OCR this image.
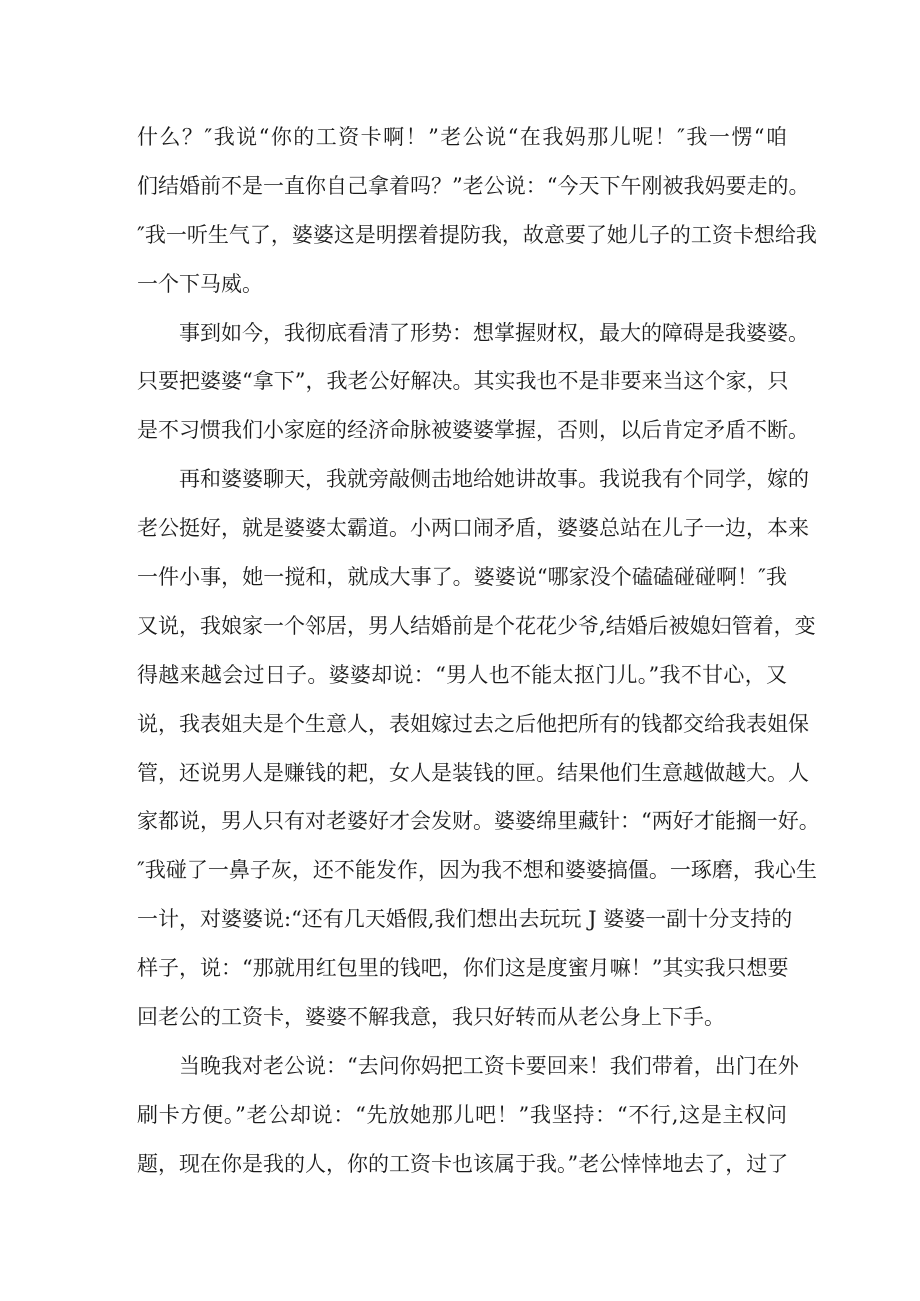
什么？″我说“你的工资卡啊！”老公说“在我妈那儿呢！″我一愣“咱
们结婚前不是一直你自己拿着吗？”老公说：“今天下午刚被我妈要走的。
″我一听生气了，婆婆这是明摆着提防我，故意要了她儿子的工资卡想给我
一个下马威。
事到如今，我彻底看清了形势：想掌握财权，最大的障碍是我婆婆。
只要把婆婆“拿下”，我老公好解决。其实我也不是非要来当这个家，只
是不习惯我们小家庭的经济命脉被婆婆掌握，否则，以后肯定矛盾不断。
再和婆婆聊天，我就旁敲侧击地给她讲故事。我说我有个同学，嫁的
老公挺好，就是婆婆太霸道。小两口闹矛盾，婆婆总站在儿子一边，本来
一件小事，她一搅和，就成大事了。婆婆说“哪家没个磕磕碰碰啊！″我
又说，我娘家一个邻居，男人结婚前是个花花少爷,结婚后被媳妇管着，变
得越来越会过日子。婆婆却说：“男人也不能太抠门儿。”我不甘心，又
说，我表姐夫是个生意人，表姐嫁过去之后他把所有的钱都交给我表姐保
管，还说男人是赚钱的耙，女人是装钱的匣。结果他们生意越做越大。人
家都说，男人只有对老婆好才会发财。婆婆绵里藏针：“两好才能搁一好。
″我碰了一鼻子灰，还不能发作，因为我不想和婆婆搞僵。一琢磨，我心生
一计，对婆婆说:“还有几天婚假,我们想出去玩玩 J 婆婆一副十分支持的
样子，说：“那就用红包里的钱吧，你们这是度蜜月嘛！”其实我只想要
回老公的工资卡，婆婆不解我意，我只好转而从老公身上下手。
当晚我对老公说：“去问你妈把工资卡要回来！我们带着，出门在外
刷卡方便。”老公却说：“先放她那儿吧！”我坚持：“不行,这是主权问
题，现在你是我的人，你的工资卡也该属于我。”老公悻悻地去了，过了
